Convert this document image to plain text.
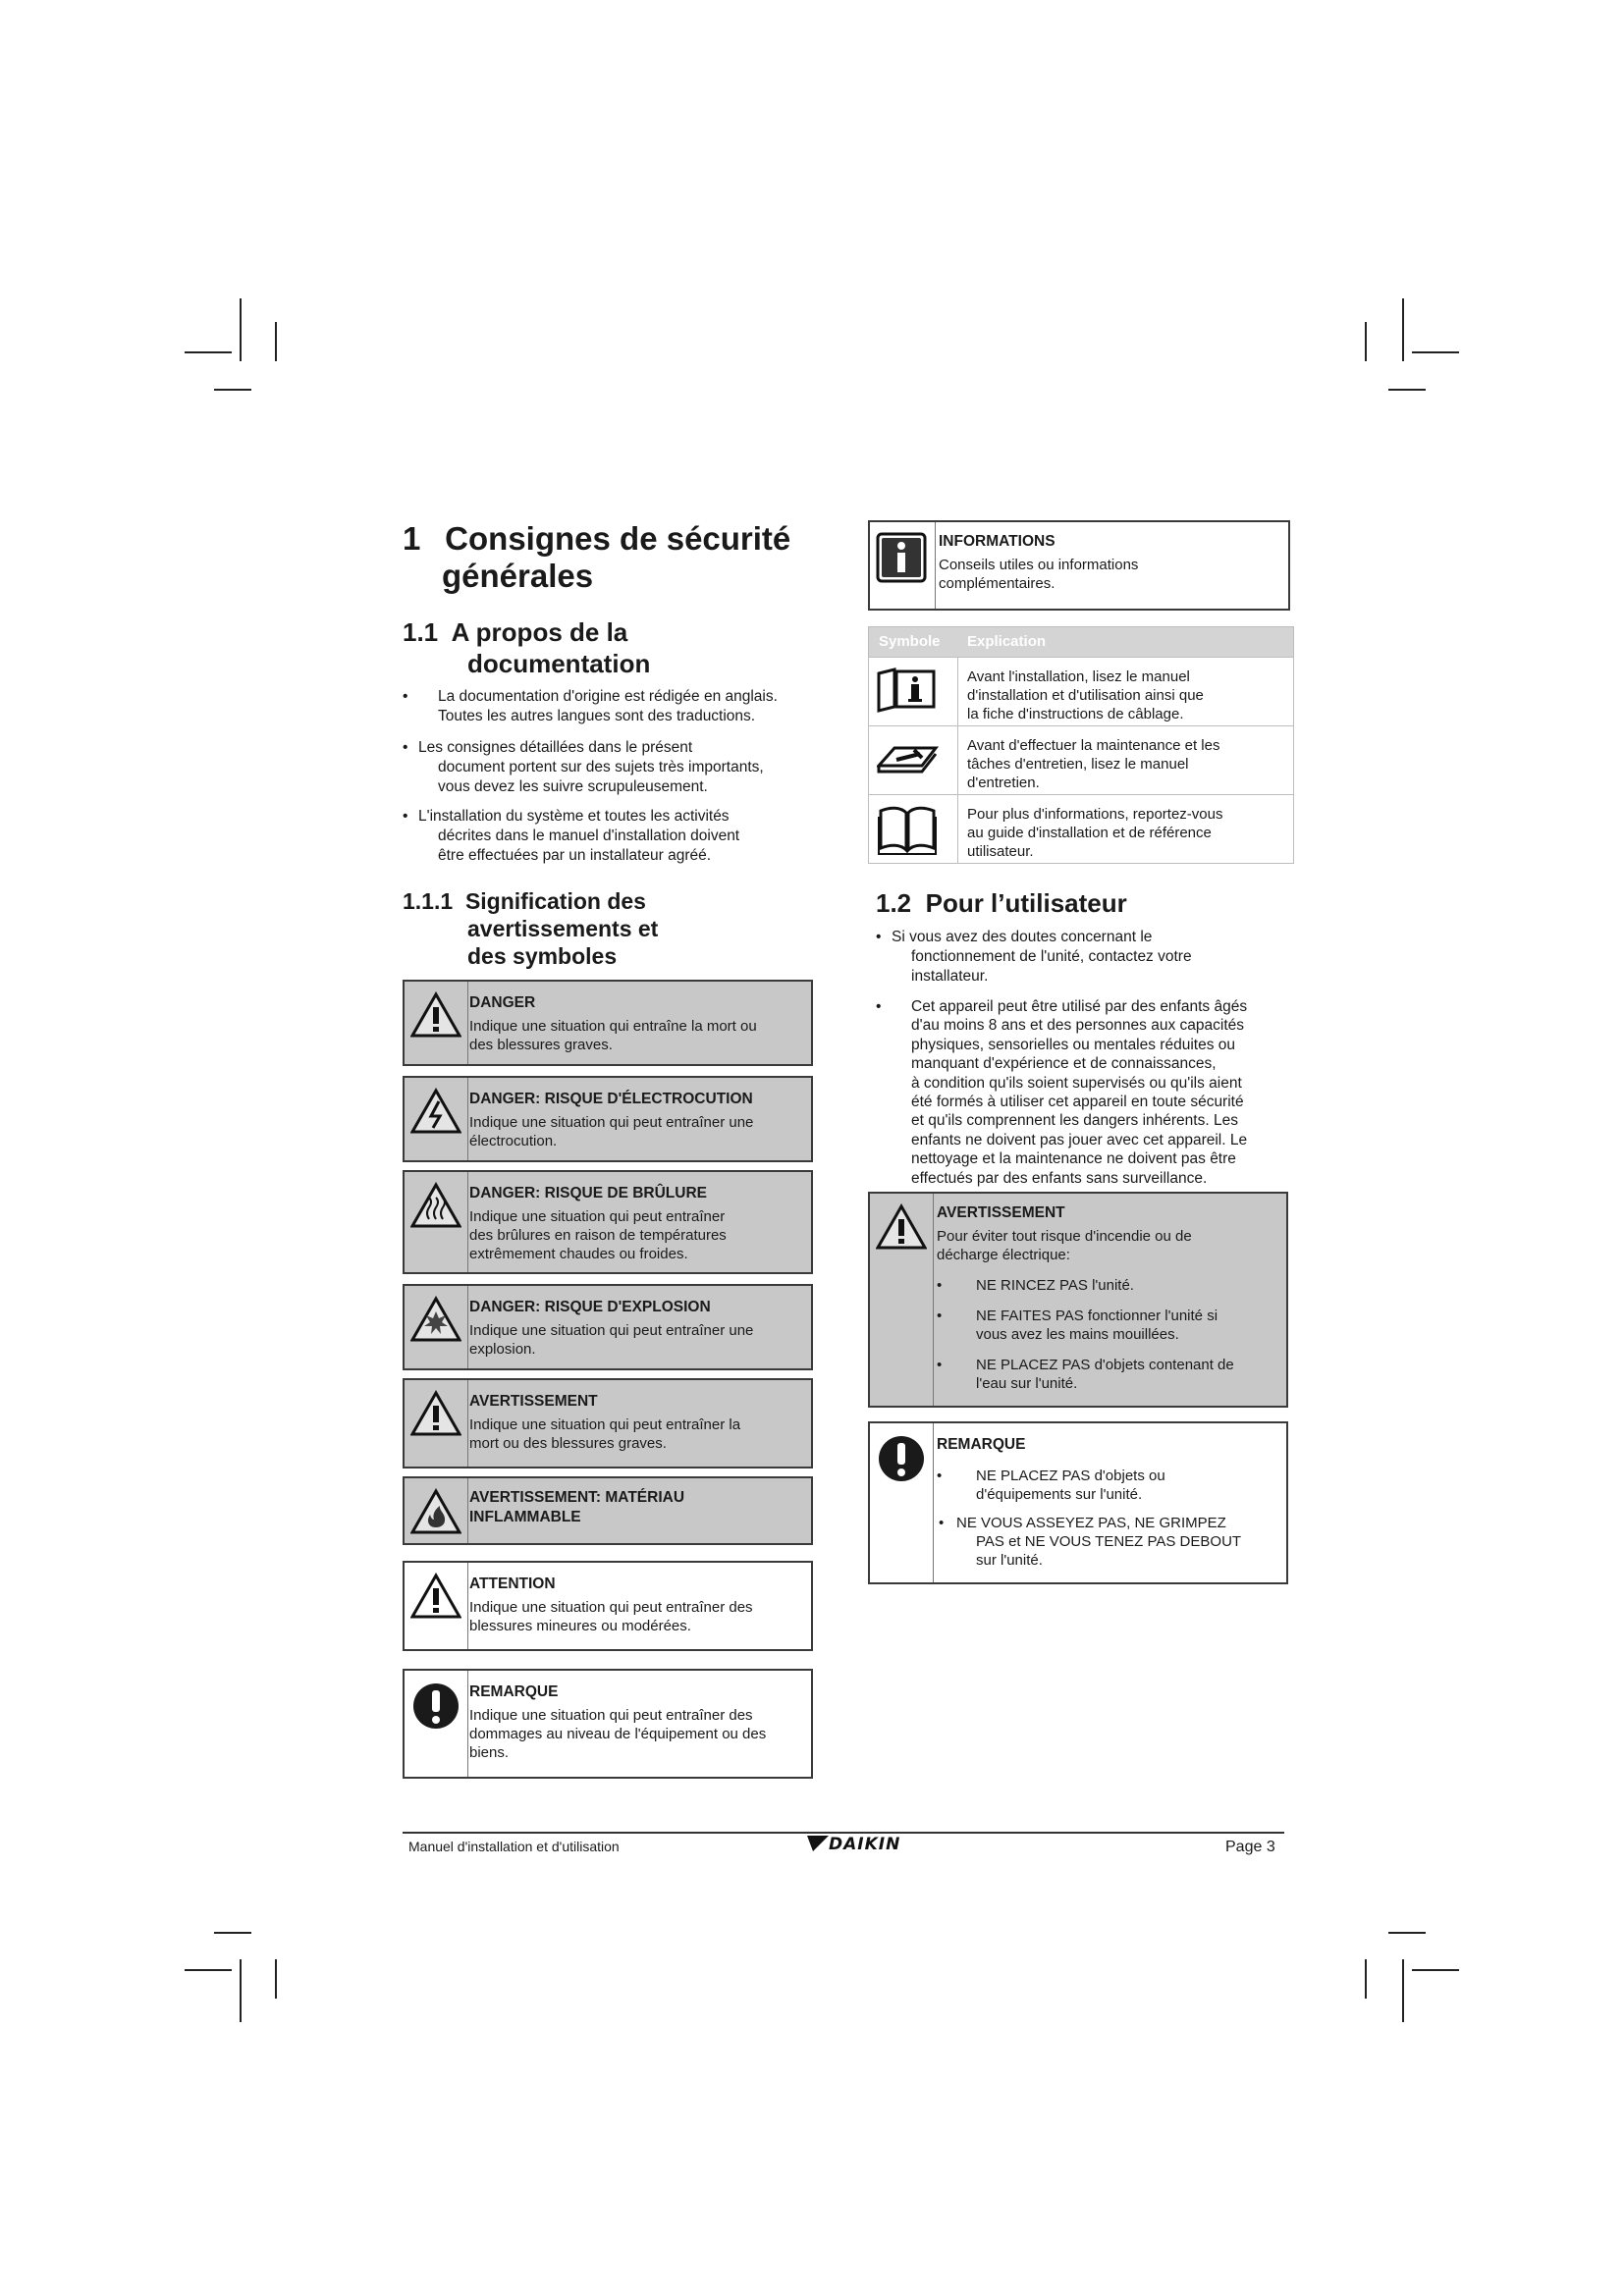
1 Consignes de sécurité
générales
1.1 A propos de la
documentation
• La documentation d'origine est rédigée en anglais.
Toutes les autres langues sont des traductions.
• Les consignes détaillées dans le présent
document portent sur des sujets très importants,
vous devez les suivre scrupuleusement.
• L'installation du système et toutes les activités
décrites dans le manuel d'installation doivent
être effectuées par un installateur agréé.
1.1.1 Signification des
avertissements et
des symboles
DANGER
Indique une situation qui entraîne la mort ou
des blessures graves.
DANGER: RISQUE D'ÉLECTROCUTION
Indique une situation qui peut entraîner une
électrocution.
DANGER: RISQUE DE BRÛLURE
Indique une situation qui peut entraîner
des brûlures en raison de températures
extrêmement chaudes ou froides.
DANGER: RISQUE D'EXPLOSION
Indique une situation qui peut entraîner une
explosion.
AVERTISSEMENT
Indique une situation qui peut entraîner la
mort ou des blessures graves.
AVERTISSEMENT: MATÉRIAU
INFLAMMABLE
ATTENTION
Indique une situation qui peut entraîner des
blessures mineures ou modérées.
REMARQUE
Indique une situation qui peut entraîner des
dommages au niveau de l'équipement ou des
biens.
INFORMATIONS
Conseils utiles ou informations
complémentaires.
Symbole Explication
Avant l'installation, lisez le manuel
d'installation et d'utilisation ainsi que
la fiche d'instructions de câblage.
Avant d'effectuer la maintenance et les
tâches d'entretien, lisez le manuel
d'entretien.
Pour plus d'informations, reportez-vous
au guide d'installation et de référence
utilisateur.
1.2 Pour l’utilisateur
• Si vous avez des doutes concernant le
fonctionnement de l'unité, contactez votre
installateur.
• Cet appareil peut être utilisé par des enfants âgés
d'au moins 8 ans et des personnes aux capacités
physiques, sensorielles ou mentales réduites ou
manquant d'expérience et de connaissances,
à condition qu'ils soient supervisés ou qu'ils aient
été formés à utiliser cet appareil en toute sécurité
et qu'ils comprennent les dangers inhérents. Les
enfants ne doivent pas jouer avec cet appareil. Le
nettoyage et la maintenance ne doivent pas être
effectués par des enfants sans surveillance.
AVERTISSEMENT
Pour éviter tout risque d'incendie ou de
décharge électrique:
• NE RINCEZ PAS l'unité.
• NE FAITES PAS fonctionner l'unité si
vous avez les mains mouillées.
• NE PLACEZ PAS d'objets contenant de
l'eau sur l'unité.
REMARQUE
• NE PLACEZ PAS d'objets ou
d'équipements sur l'unité.
• NE VOUS ASSEYEZ PAS, NE GRIMPEZ
PAS et NE VOUS TENEZ PAS DEBOUT
sur l'unité.
Manuel d'installation et d'utilisation	DAIKIN	Page 3
